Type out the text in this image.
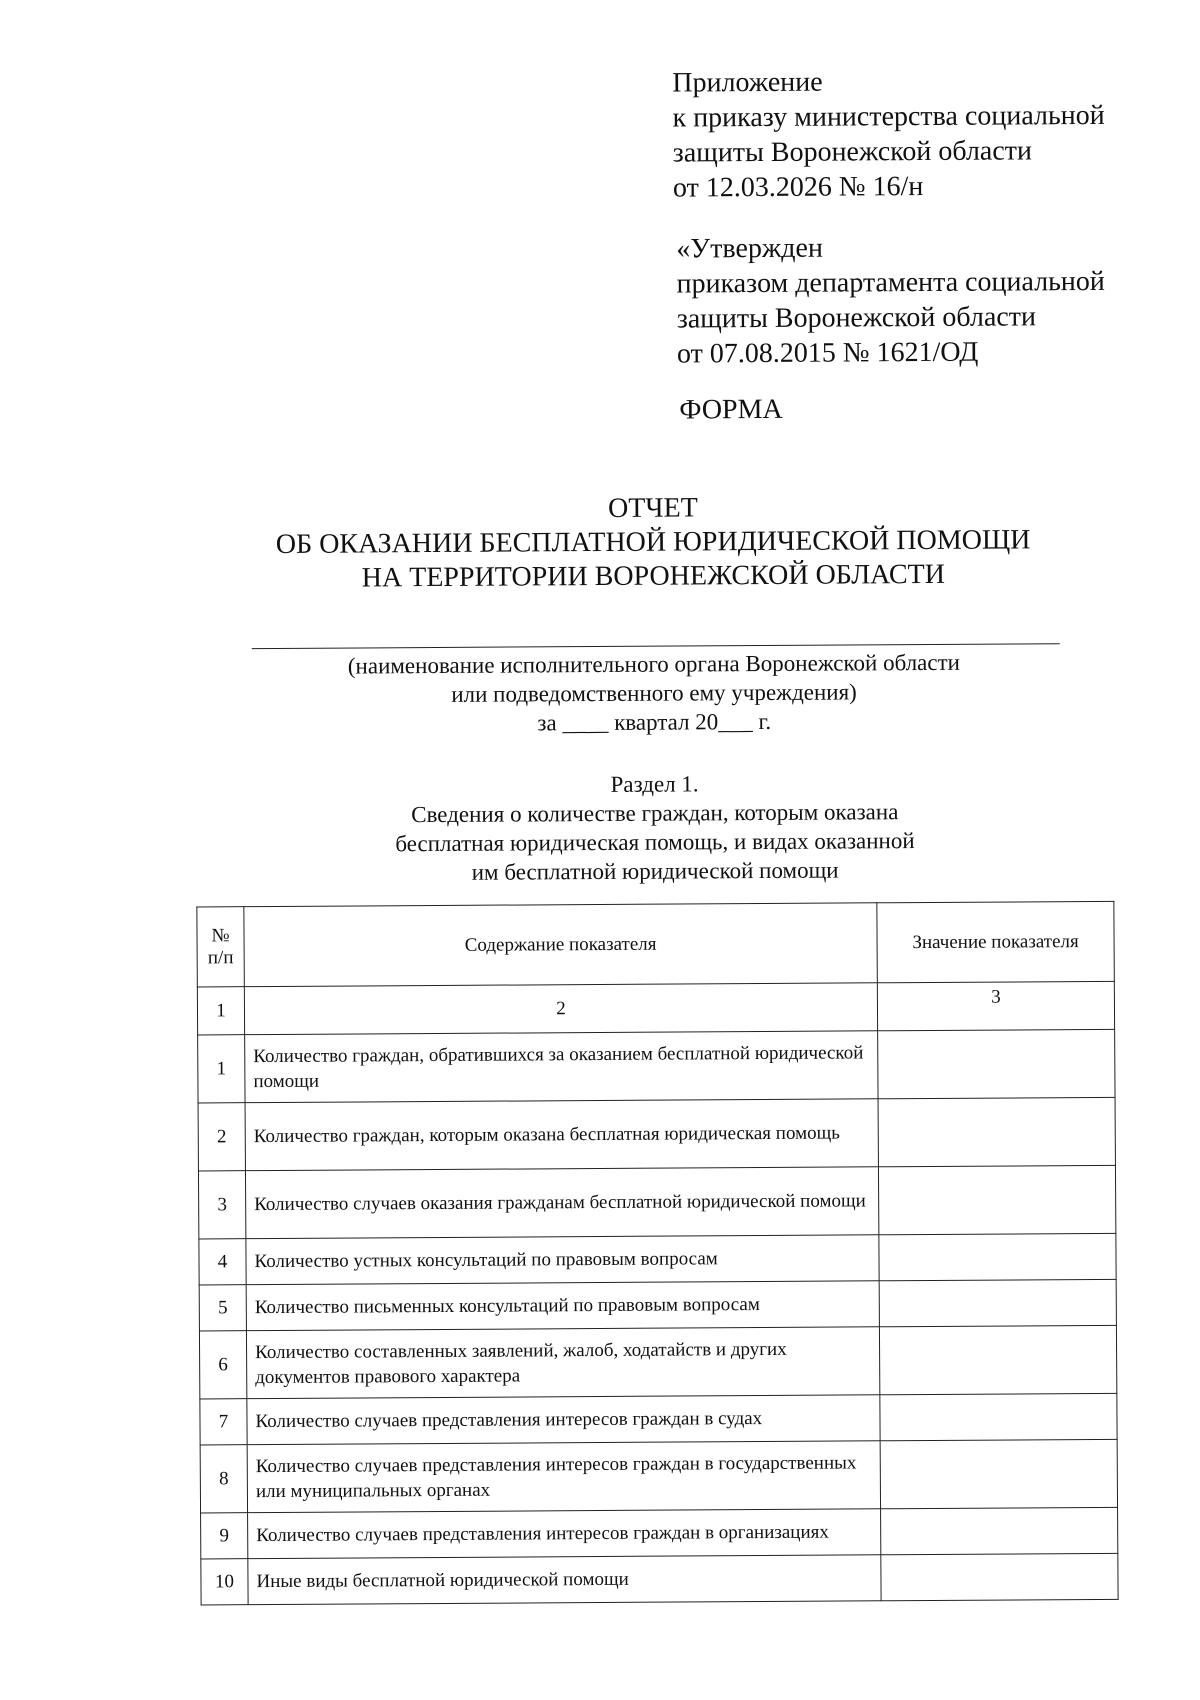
Приложение
к приказу министерства социальной
защиты Воронежской области
от 12.03.2026 № 16/н
«Утвержден
приказом департамента социальной
защиты Воронежской области
от 07.08.2015 № 1621/ОД
ФОРМА
ОТЧЕТ
ОБ ОКАЗАНИИ БЕСПЛАТНОЙ ЮРИДИЧЕСКОЙ ПОМОЩИ
НА ТЕРРИТОРИИ ВОРОНЕЖСКОЙ ОБЛАСТИ
(наименование исполнительного органа Воронежской области
или подведомственного ему учреждения)
за ____ квартал 20___ г.
Раздел 1.
Сведения о количестве граждан, которым оказана
бесплатная юридическая помощь, и видах оказанной
им бесплатной юридической помощи
№ п/п	Содержание показателя	Значение показателя
1	2	3
1	Количество граждан, обратившихся за оказанием бесплатной юридической помощи	
2	Количество граждан, которым оказана бесплатная юридическая помощь	
3	Количество случаев оказания гражданам бесплатной юридической помощи	
4	Количество устных консультаций по правовым вопросам	
5	Количество письменных консультаций по правовым вопросам	
6	Количество составленных заявлений, жалоб, ходатайств и других документов правового характера	
7	Количество случаев представления интересов граждан в судах	
8	Количество случаев представления интересов граждан в государственных или муниципальных органах	
9	Количество случаев представления интересов граждан в организациях	
10	Иные виды бесплатной юридической помощи	
